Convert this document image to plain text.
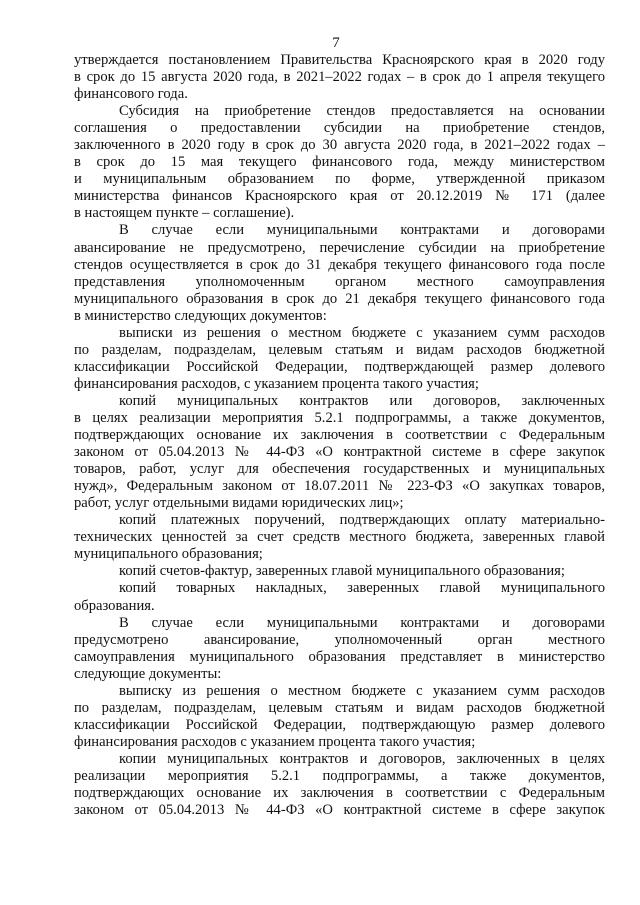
7
утверждается постановлением Правительства Красноярского края в 2020 году
в срок до 15 августа 2020 года, в 2021–2022 годах – в срок до 1 апреля текущего
финансового года.
Субсидия на приобретение стендов предоставляется на основании
соглашения о предоставлении субсидии на приобретение стендов,
заключенного в 2020 году в срок до 30 августа 2020 года, в 2021–2022 годах –
в срок до 15 мая текущего финансового года, между министерством
и муниципальным образованием по форме, утвержденной приказом
министерства финансов Красноярского края от 20.12.2019 № 171 (далее
в настоящем пункте – соглашение).
В случае если муниципальными контрактами и договорами
авансирование не предусмотрено, перечисление субсидии на приобретение
стендов осуществляется в срок до 31 декабря текущего финансового года после
представления уполномоченным органом местного самоуправления
муниципального образования в срок до 21 декабря текущего финансового года
в министерство следующих документов:
выписки из решения о местном бюджете с указанием сумм расходов
по разделам, подразделам, целевым статьям и видам расходов бюджетной
классификации Российской Федерации, подтверждающей размер долевого
финансирования расходов, с указанием процента такого участия;
копий муниципальных контрактов или договоров, заключенных
в целях реализации мероприятия 5.2.1 подпрограммы, а также документов,
подтверждающих основание их заключения в соответствии с Федеральным
законом от 05.04.2013 № 44-ФЗ «О контрактной системе в сфере закупок
товаров, работ, услуг для обеспечения государственных и муниципальных
нужд», Федеральным законом от 18.07.2011 № 223-ФЗ «О закупках товаров,
работ, услуг отдельными видами юридических лиц»;
копий платежных поручений, подтверждающих оплату материально-
технических ценностей за счет средств местного бюджета, заверенных главой
муниципального образования;
копий счетов-фактур, заверенных главой муниципального образования;
копий товарных накладных, заверенных главой муниципального
образования.
В случае если муниципальными контрактами и договорами
предусмотрено авансирование, уполномоченный орган местного
самоуправления муниципального образования представляет в министерство
следующие документы:
выписку из решения о местном бюджете с указанием сумм расходов
по разделам, подразделам, целевым статьям и видам расходов бюджетной
классификации Российской Федерации, подтверждающую размер долевого
финансирования расходов с указанием процента такого участия;
копии муниципальных контрактов и договоров, заключенных в целях
реализации мероприятия 5.2.1 подпрограммы, а также документов,
подтверждающих основание их заключения в соответствии с Федеральным
законом от 05.04.2013 № 44-ФЗ «О контрактной системе в сфере закупок
